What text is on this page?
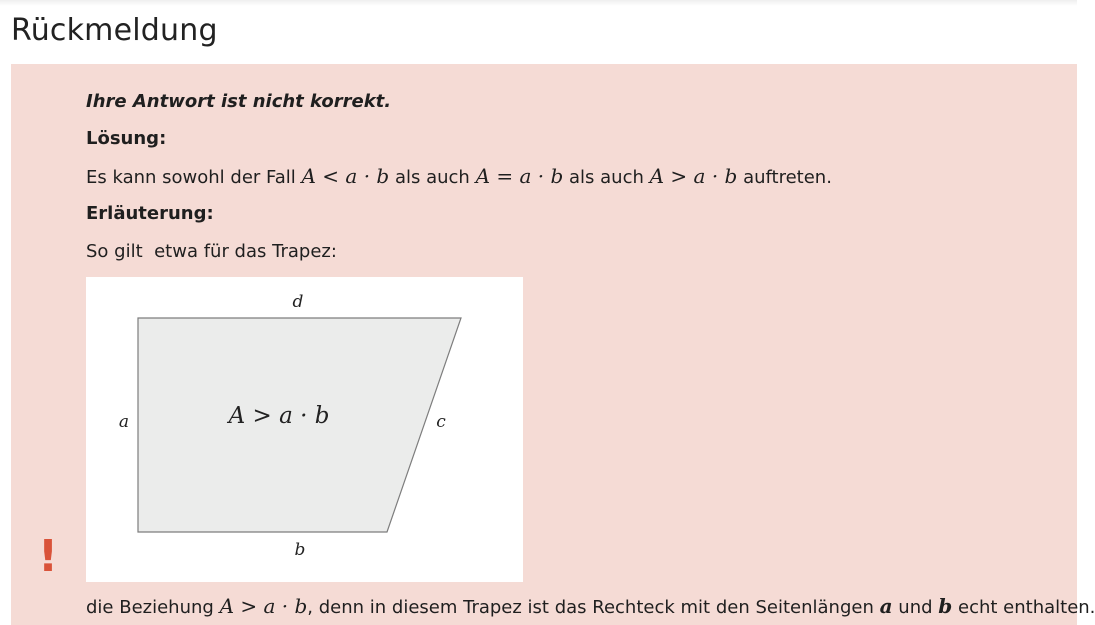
Rückmeldung
!
Ihre Antwort ist nicht korrekt.
Lösung:
Es kann sowohl der Fall A < a · b als auch A = a · b als auch A > a · b auftreten.
Erläuterung:
So gilt  etwa für das Trapez:
d
a	c
b
A > a · b
die Beziehung A > a · b, denn in diesem Trapez ist das Rechteck mit den Seitenlängen a und b echt enthalten.
